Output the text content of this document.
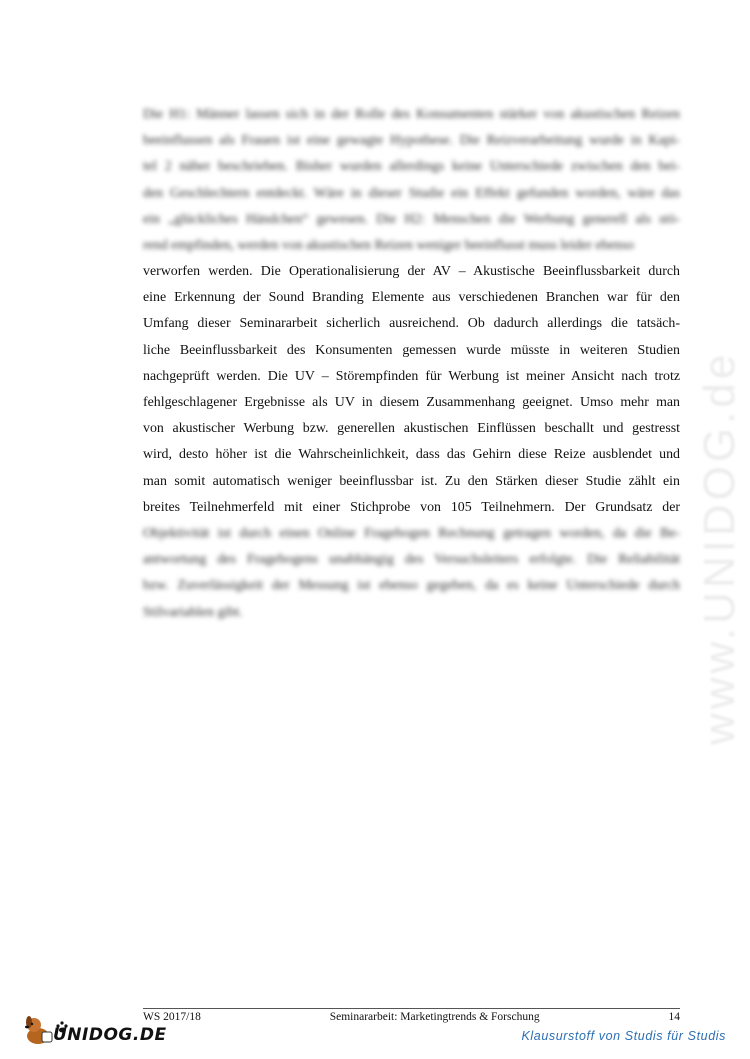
Die H1: Männer lassen sich in der Rolle des Konsumenten stärker von akustischen Reizen
beeinflussen als Frauen ist eine gewagte Hypothese. Die Reizverarbeitung wurde in Kapi-
tel 2 näher beschrieben. Bisher wurden allerdings keine Unterschiede zwischen den bei-
den Geschlechtern entdeckt. Wäre in dieser Studie ein Effekt gefunden worden, wäre das
ein „glückliches Händchen“ gewesen. Die H2: Menschen die Werbung generell als stö-
rend empfinden, werden von akustischen Reizen weniger beeinflusst muss leider ebenso
verworfen werden. Die Operationalisierung der AV – Akustische Beeinflussbarkeit durch
eine Erkennung der Sound Branding Elemente aus verschiedenen Branchen war für den
Umfang dieser Seminararbeit sicherlich ausreichend. Ob dadurch allerdings die tatsäch-
liche Beeinflussbarkeit des Konsumenten gemessen wurde müsste in weiteren Studien
nachgeprüft werden. Die UV – Störempfinden für Werbung ist meiner Ansicht nach trotz
fehlgeschlagener Ergebnisse als UV in diesem Zusammenhang geeignet. Umso mehr man
von akustischer Werbung bzw. generellen akustischen Einflüssen beschallt und gestresst
wird, desto höher ist die Wahrscheinlichkeit, dass das Gehirn diese Reize ausblendet und
man somit automatisch weniger beeinflussbar ist. Zu den Stärken dieser Studie zählt ein
breites Teilnehmerfeld mit einer Stichprobe von 105 Teilnehmern. Der Grundsatz der
Objektivität ist durch einen Online Fragebogen Rechnung getragen worden, da die Be-
antwortung des Fragebogens unabhängig des Versuchsleiters erfolgte. Die Reliabilität
bzw. Zuverlässigkeit der Messung ist ebenso gegeben, da es keine Unterschiede durch
Stilvariablen gibt.	www.UNIDOG.de
WS 2017/18	Seminararbeit: Marketingtrends & Forschung	14
UNIDOG.DE	Klausurstoff von Studis für Studis
